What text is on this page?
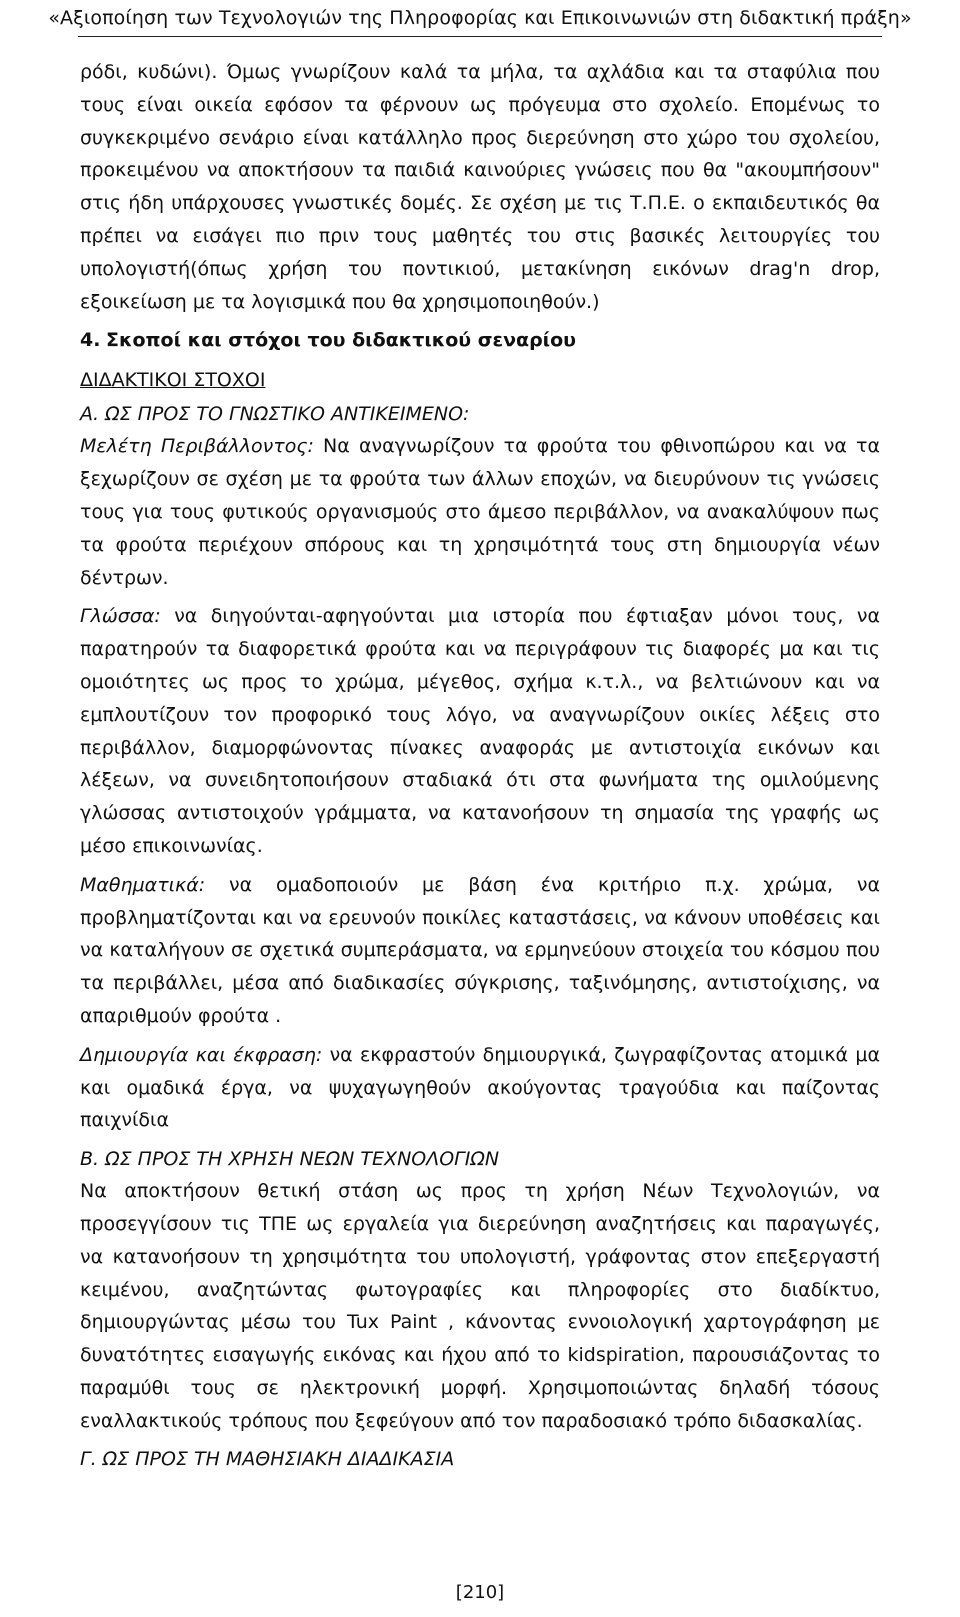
«Αξιοποίηση των Τεχνολογιών της Πληροφορίας και Επικοινωνιών στη διδακτική πράξη»

ρόδι, κυδώνι). Όμως γνωρίζουν καλά τα μήλα, τα αχλάδια και τα σταφύλια που τους είναι οικεία εφόσον τα φέρνουν ως πρόγευμα στο σχολείο. Επομένως το συγκεκριμένο σενάριο είναι κατάλληλο προς διερεύνηση στο χώρο του σχολείου, προκειμένου να αποκτήσουν τα παιδιά καινούριες γνώσεις που θα "ακουμπήσουν" στις ήδη υπάρχουσες γνωστικές δομές. Σε σχέση με τις Τ.Π.Ε. ο εκπαιδευτικός θα πρέπει να εισάγει πιο πριν τους μαθητές του στις βασικές λειτουργίες του υπολογιστή(όπως χρήση του ποντικιού, μετακίνηση εικόνων drag'n drop, εξοικείωση με τα λογισμικά που θα χρησιμοποιηθούν.)

4. Σκοποί και στόχοι του διδακτικού σεναρίου
ΔΙΔΑΚΤΙΚΟΙ ΣΤΟΧΟΙ
Α. ΩΣ ΠΡΟΣ ΤΟ ΓΝΩΣΤΙΚΟ ΑΝΤΙΚΕΙΜΕΝΟ:

Μελέτη Περιβάλλοντος: Να αναγνωρίζουν τα φρούτα του φθινοπώρου και να τα ξεχωρίζουν σε σχέση με τα φρούτα των άλλων εποχών, να διευρύνουν τις γνώσεις τους για τους φυτικούς οργανισμούς στο άμεσο περιβάλλον, να ανακαλύψουν πως τα φρούτα περιέχουν σπόρους και τη χρησιμότητά τους στη δημιουργία νέων δέντρων.

Γλώσσα: να διηγούνται-αφηγούνται μια ιστορία που έφτιαξαν μόνοι τους, να παρατηρούν τα διαφορετικά φρούτα και να περιγράφουν τις διαφορές μα και τις ομοιότητες ως προς το χρώμα, μέγεθος, σχήμα κ.τ.λ., να βελτιώνουν και να εμπλουτίζουν τον προφορικό τους λόγο, να αναγνωρίζουν οικίες λέξεις στο περιβάλλον, διαμορφώνοντας πίνακες αναφοράς με αντιστοιχία εικόνων και λέξεων, να συνειδητοποιήσουν σταδιακά ότι στα φωνήματα της ομιλούμενης γλώσσας αντιστοιχούν γράμματα, να κατανοήσουν τη σημασία της γραφής ως μέσο επικοινωνίας.

Μαθηματικά: να ομαδοποιούν με βάση ένα κριτήριο π.χ. χρώμα, να προβληματίζονται και να ερευνούν ποικίλες καταστάσεις, να κάνουν υποθέσεις και να καταλήγουν σε σχετικά συμπεράσματα, να ερμηνεύουν στοιχεία του κόσμου που τα περιβάλλει, μέσα από διαδικασίες σύγκρισης, ταξινόμησης, αντιστοίχισης, να απαριθμούν φρούτα .

Δημιουργία και έκφραση: να εκφραστούν δημιουργικά, ζωγραφίζοντας ατομικά μα και ομαδικά έργα, να ψυχαγωγηθούν ακούγοντας τραγούδια και παίζοντας παιχνίδια

Β. ΩΣ ΠΡΟΣ ΤΗ ΧΡΗΣΗ ΝΕΩΝ ΤΕΧΝΟΛΟΓΙΩΝ

Να αποκτήσουν θετική στάση ως προς τη χρήση Νέων Τεχνολογιών, να προσεγγίσουν τις ΤΠΕ ως εργαλεία για διερεύνηση αναζητήσεις και παραγωγές, να κατανοήσουν τη χρησιμότητα του υπολογιστή, γράφοντας στον επεξεργαστή κειμένου, αναζητώντας φωτογραφίες και πληροφορίες στο διαδίκτυο, δημιουργώντας μέσω του Tux Paint , κάνοντας εννοιολογική χαρτογράφηση με δυνατότητες εισαγωγής εικόνας και ήχου από το kidspiration, παρουσιάζοντας το παραμύθι τους σε ηλεκτρονική μορφή. Χρησιμοποιώντας δηλαδή τόσους εναλλακτικούς τρόπους που ξεφεύγουν από τον παραδοσιακό τρόπο διδασκαλίας.

Γ. ΩΣ ΠΡΟΣ ΤΗ ΜΑΘΗΣΙΑΚΗ ΔΙΑΔΙΚΑΣΙΑ
[210]
